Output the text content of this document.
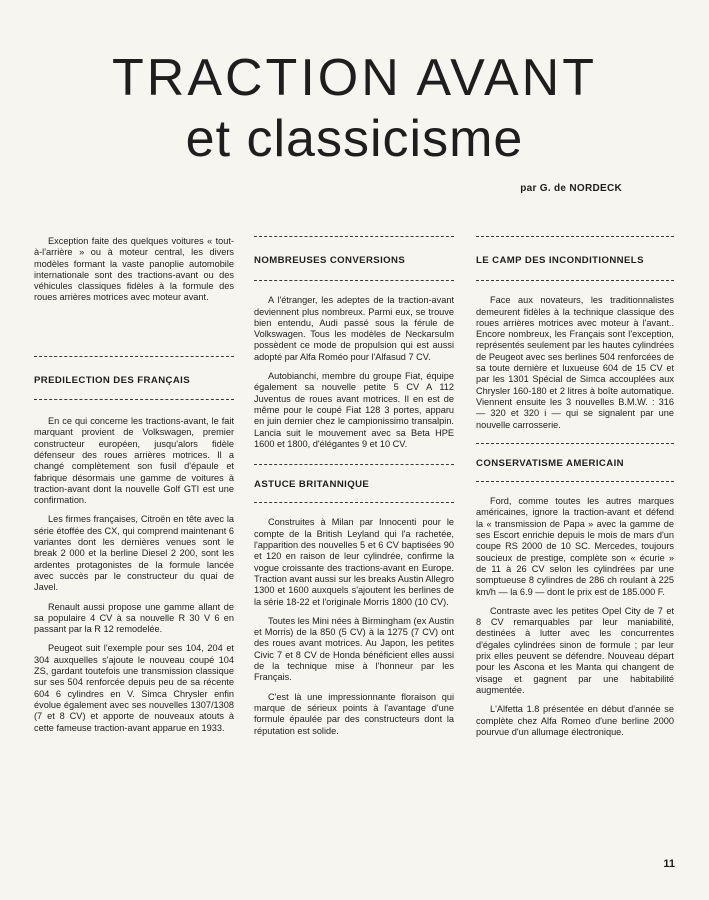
TRACTION AVANT
et classicisme
par G. de NORDECK

Exception faite des quelques voitures « tout-à-l'arrière » ou à moteur central, les divers modèles formant la vaste panoplie automobile internationale sont des tractions-avant ou des véhicules classiques fidèles à la formule des roues arrières motrices avec moteur avant.

PREDILECTION DES FRANÇAIS

En ce qui concerne les tractions-avant, le fait marquant provient de Volkswagen, premier constructeur européen, jusqu'alors fidèle défenseur des roues arrières motrices. Il a changé complètement son fusil d'épaule et fabrique désormais une gamme de voitures à traction-avant dont la nouvelle Golf GTI est une confirmation.

Les firmes françaises, Citroën en tête avec la série étoffée des CX, qui comprend maintenant 6 variantes dont les dernières venues sont le break 2 000 et la berline Diesel 2 200, sont les ardentes protagonistes de la formule lancée avec succès par le constructeur du quai de Javel.

Renault aussi propose une gamme allant de sa populaire 4 CV à sa nouvelle R 30 V 6 en passant par la R 12 remodelée.

Peugeot suit l'exemple pour ses 104, 204 et 304 auxquelles s'ajoute le nouveau coupé 104 ZS, gardant toutefois une transmission classique sur ses 504 renforcée depuis peu de sa récente 604 6 cylindres en V. Simca Chrysler enfin évolue également avec ses nouvelles 1307/1308 (7 et 8 CV) et apporte de nouveaux atouts à cette fameuse traction-avant apparue en 1933.

NOMBREUSES CONVERSIONS

A l'étranger, les adeptes de la traction-avant deviennent plus nombreux. Parmi eux, se trouve bien entendu, Audi passé sous la férule de Volkswagen. Tous les modèles de Neckarsulm possèdent ce mode de propulsion qui est aussi adopté par Alfa Roméo pour l'Alfasud 7 CV.

Autobianchi, membre du groupe Fiat, équipe également sa nouvelle petite 5 CV A 112 Juventus de roues avant motrices. Il en est de même pour le coupé Fiat 128 3 portes, apparu en juin dernier chez le campionissimo transalpin. Lancia suit le mouvement avec sa Beta HPE 1600 et 1800, d'élégantes 9 et 10 CV.

ASTUCE BRITANNIQUE

Construites à Milan par Innocenti pour le compte de la British Leyland qui l'a rachetée, l'apparition des nouvelles 5 et 6 CV baptisées 90 et 120 en raison de leur cylindrée, confirme la vogue croissante des tractions-avant en Europe. Traction avant aussi sur les breaks Austin Allegro 1300 et 1600 auxquels s'ajoutent les berlines de la série 18-22 et l'originale Morris 1800 (10 CV).

Toutes les Mini nées à Birmingham (ex Austin et Morris) de la 850 (5 CV) à la 1275 (7 CV) ont des roues avant motrices. Au Japon, les petites Civic 7 et 8 CV de Honda bénéficient elles aussi de la technique mise à l'honneur par les Français.

C'est là une impressionnante floraison qui marque de sérieux points à l'avantage d'une formule épaulée par des constructeurs dont la réputation est solide.

LE CAMP DES INCONDITIONNELS

Face aux novateurs, les traditionnalistes demeurent fidèles à la technique classique des roues arrières motrices avec moteur à l'avant.. Encore nombreux, les Français sont l'exception, représentés seulement par les hautes cylindrées de Peugeot avec ses berlines 504 renforcées de sa toute dernière et luxueuse 604 de 15 CV et par les 1301 Spécial de Simca accouplées aux Chrysler 160-180 et 2 litres à boîte automatique. Viennent ensuite les 3 nouvelles B.M.W. : 316 — 320 et 320 i — qui se signalent par une nouvelle carrosserie.

CONSERVATISME AMERICAIN

Ford, comme toutes les autres marques américaines, ignore la traction-avant et défend la « transmission de Papa » avec la gamme de ses Escort enrichie depuis le mois de mars d'un coupe RS 2000 de 10 SC. Mercedes, toujours soucieux de prestige, complète son « écurie » de 11 à 26 CV selon les cylindrées par une somptueuse 8 cylindres de 286 ch roulant à 225 km/h — la 6.9 — dont le prix est de 185.000 F.

Contraste avec les petites Opel City de 7 et 8 CV remarquables par leur maniabilité, destinées à lutter avec les concurrentes d'égales cylindrées sinon de formule ; par leur prix elles peuvent se défendre. Nouveau départ pour les Ascona et les Manta qui changent de visage et gagnent par une habitabilité augmentée.

L'Alfetta 1.8 présentée en début d'année se complète chez Alfa Romeo d'une berline 2000 pourvue d'un allumage électronique.

11
